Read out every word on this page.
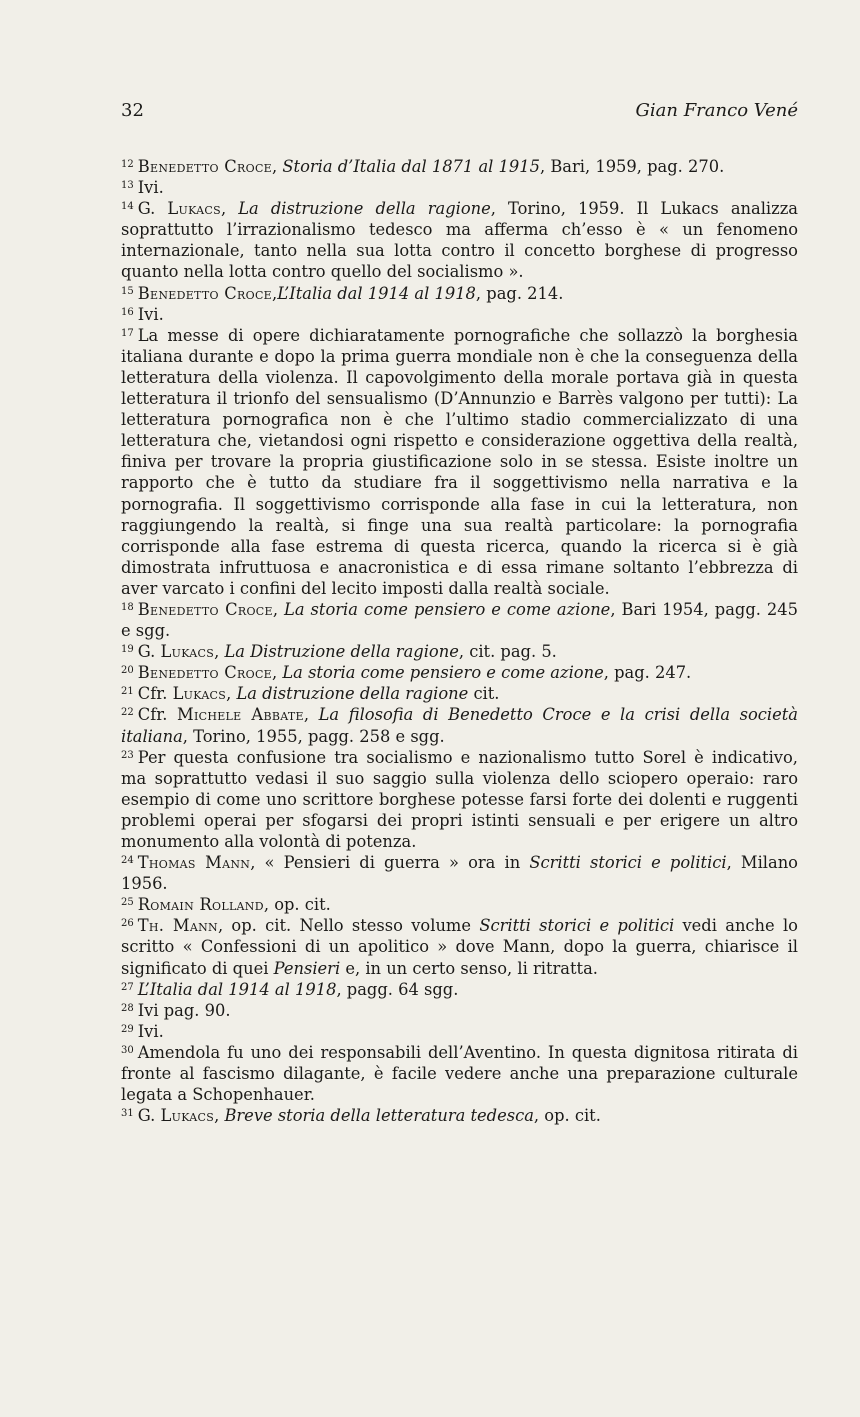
32	Gian Franco Vené

$^{12}$ Benedetto Croce, Storia d’Italia dal 1871 al 1915, Bari, 1959, pag. 270.

$^{13}$ Ivi.

$^{14}$ G. Lukacs, La distruzione della ragione, Torino, 1959. Il Lukacs analizza soprattutto l’irrazionalismo tedesco ma afferma ch’esso è « un fenomeno internazionale, tanto nella sua lotta contro il concetto borghese di progresso quanto nella lotta contro quello del socialismo ».

$^{15}$ Benedetto Croce,L’Italia dal 1914 al 1918, pag. 214.

$^{16}$ Ivi.

$^{17}$ La messe di opere dichiaratamente pornografiche che sollazzò la borghesia italiana durante e dopo la prima guerra mondiale non è che la conseguenza della letteratura della violenza. Il capovolgimento della morale portava già in questa letteratura il trionfo del sensualismo (D’Annunzio e Barrès valgono per tutti): La letteratura pornografica non è che l’ultimo stadio commercializzato di una letteratura che, vietandosi ogni rispetto e considerazione oggettiva della realtà, finiva per trovare la propria giustificazione solo in se stessa. Esiste inoltre un rapporto che è tutto da studiare fra il soggettivismo nella narrativa e la pornografia. Il soggettivismo corrisponde alla fase in cui la letteratura, non raggiungendo la realtà, si finge una sua realtà particolare: la pornografia corrisponde alla fase estrema di questa ricerca, quando la ricerca si è già dimostrata infruttuosa e anacronistica e di essa rimane soltanto l’ebbrezza di aver varcato i confini del lecito imposti dalla realtà sociale.

$^{18}$ Benedetto Croce, La storia come pensiero e come azione, Bari 1954, pagg. 245 e sgg.

$^{19}$ G. Lukacs, La Distruzione della ragione, cit. pag. 5.

$^{20}$ Benedetto Croce, La storia come pensiero e come azione, pag. 247.

$^{21}$ Cfr. Lukacs, La distruzione della ragione cit.

$^{22}$ Cfr. Michele Abbate, La filosofia di Benedetto Croce e la crisi della società italiana, Torino, 1955, pagg. 258 e sgg.

$^{23}$ Per questa confusione tra socialismo e nazionalismo tutto Sorel è indicativo, ma soprattutto vedasi il suo saggio sulla violenza dello sciopero operaio: raro esempio di come uno scrittore borghese potesse farsi forte dei dolenti e ruggenti problemi operai per sfogarsi dei propri istinti sensuali e per erigere un altro monumento alla volontà di potenza.

$^{24}$ Thomas Mann, « Pensieri di guerra » ora in Scritti storici e politici, Milano 1956.

$^{25}$ Romain Rolland, op. cit.

$^{26}$ Th. Mann, op. cit. Nello stesso volume Scritti storici e politici vedi anche lo scritto « Confessioni di un apolitico » dove Mann, dopo la guerra, chiarisce il significato di quei Pensieri e, in un certo senso, li ritratta.

$^{27}$ L’Italia dal 1914 al 1918, pagg. 64 sgg.

$^{28}$ Ivi pag. 90.

$^{29}$ Ivi.

$^{30}$ Amendola fu uno dei responsabili dell’Aventino. In questa dignitosa ritirata di fronte al fascismo dilagante, è facile vedere anche una preparazione culturale legata a Schopenhauer.

$^{31}$ G. Lukacs, Breve storia della letteratura tedesca, op. cit.
